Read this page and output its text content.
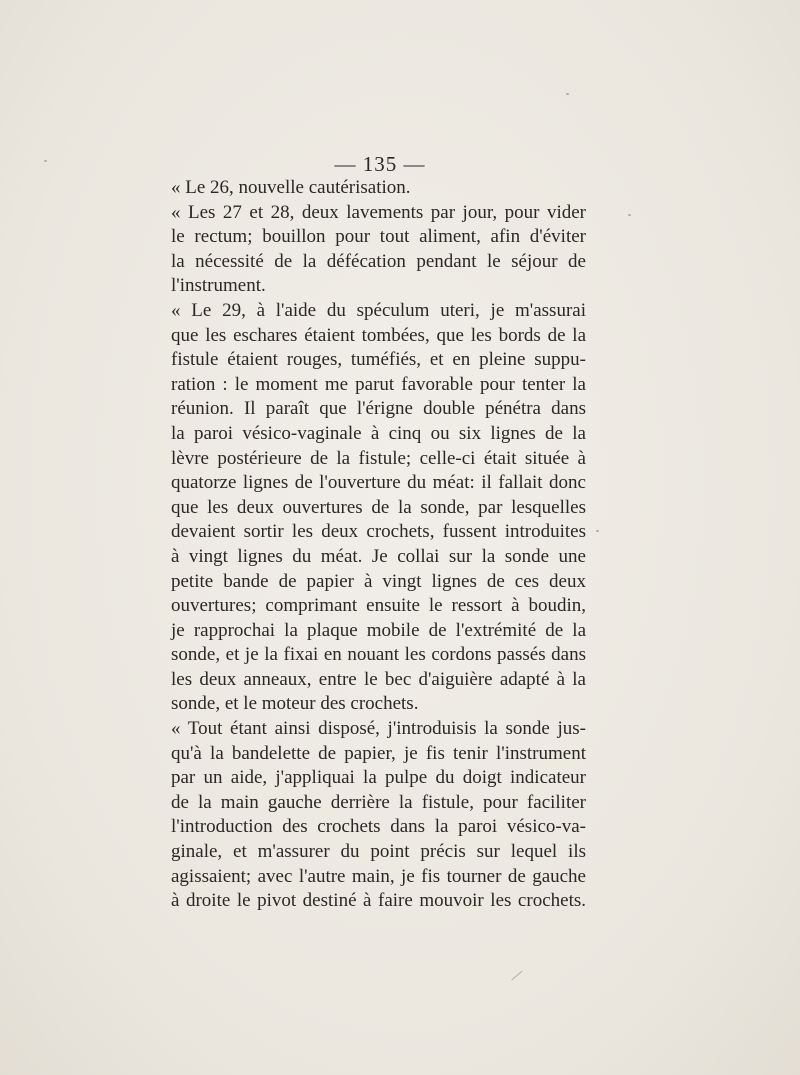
— 135 —
« Le 26, nouvelle cautérisation.
« Les 27 et 28, deux lavements par jour, pour vider
le rectum; bouillon pour tout aliment, afin d'éviter
la nécessité de la défécation pendant le séjour de
l'instrument.
« Le 29, à l'aide du spéculum uteri, je m'assurai
que les eschares étaient tombées, que les bords de la
fistule étaient rouges, tuméfiés, et en pleine suppu-
ration : le moment me parut favorable pour tenter la
réunion. Il paraît que l'érigne double pénétra dans
la paroi vésico-vaginale à cinq ou six lignes de la
lèvre postérieure de la fistule; celle-ci était située à
quatorze lignes de l'ouverture du méat: il fallait donc
que les deux ouvertures de la sonde, par lesquelles
devaient sortir les deux crochets, fussent introduites
à vingt lignes du méat. Je collai sur la sonde une
petite bande de papier à vingt lignes de ces deux
ouvertures; comprimant ensuite le ressort à boudin,
je rapprochai la plaque mobile de l'extrémité de la
sonde, et je la fixai en nouant les cordons passés dans
les deux anneaux, entre le bec d'aiguière adapté à la
sonde, et le moteur des crochets.
« Tout étant ainsi disposé, j'introduisis la sonde jus-
qu'à la bandelette de papier, je fis tenir l'instrument
par un aide, j'appliquai la pulpe du doigt indicateur
de la main gauche derrière la fistule, pour faciliter
l'introduction des crochets dans la paroi vésico-va-
ginale, et m'assurer du point précis sur lequel ils
agissaient; avec l'autre main, je fis tourner de gauche
à droite le pivot destiné à faire mouvoir les crochets.
